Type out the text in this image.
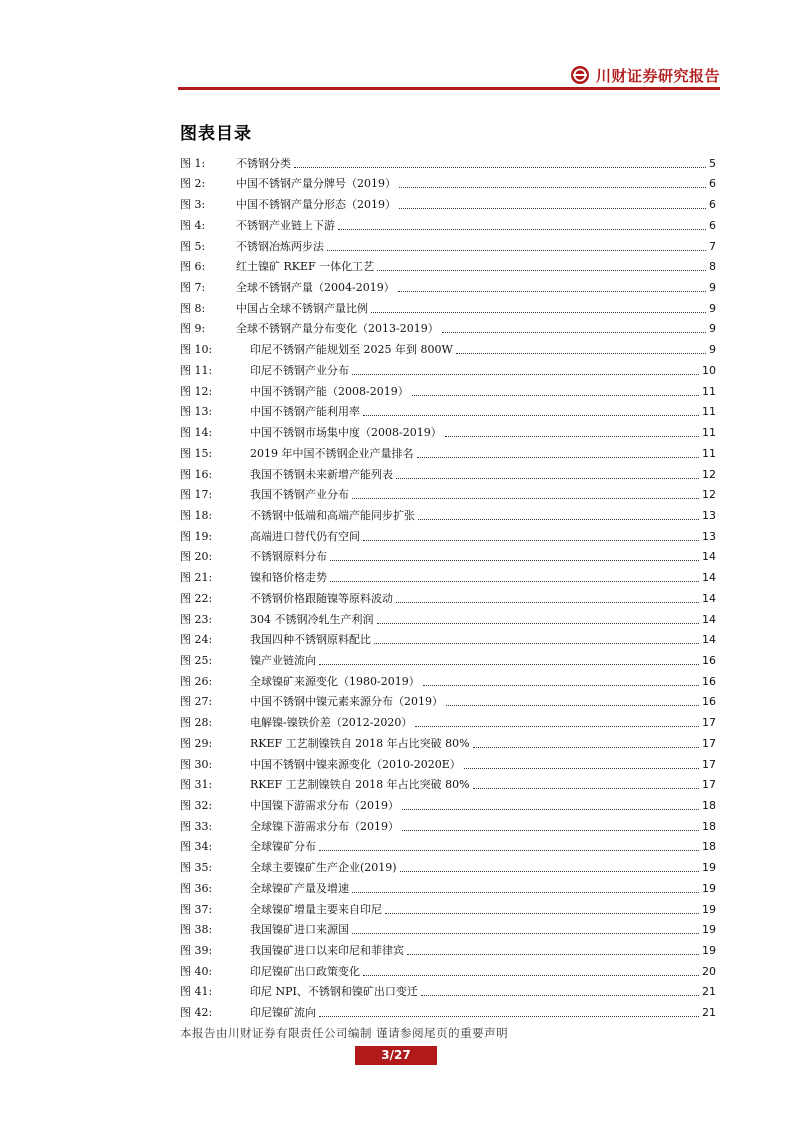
川财证券研究报告
图表目录
图 1:	不锈钢分类	5
图 2:	中国不锈钢产量分牌号（2019）	6
图 3:	中国不锈钢产量分形态（2019）	6
图 4:	不锈钢产业链上下游	6
图 5:	不锈钢冶炼两步法	7
图 6:	红土镍矿 RKEF 一体化工艺	8
图 7:	全球不锈钢产量（2004-2019）	9
图 8:	中国占全球不锈钢产量比例	9
图 9:	全球不锈钢产量分布变化（2013-2019）	9
图 10:	印尼不锈钢产能规划至 2025 年到 800W	9
图 11:	印尼不锈钢产业分布	10
图 12:	中国不锈钢产能（2008-2019）	11
图 13:	中国不锈钢产能利用率	11
图 14:	中国不锈钢市场集中度（2008-2019）	11
图 15:	2019 年中国不锈钢企业产量排名	11
图 16:	我国不锈钢未来新增产能列表	12
图 17:	我国不锈钢产业分布	12
图 18:	不锈钢中低端和高端产能同步扩张	13
图 19:	高端进口替代仍有空间	13
图 20:	不锈钢原料分布	14
图 21:	镍和铬价格走势	14
图 22:	不锈钢价格跟随镍等原料波动	14
图 23:	304 不锈钢冷轧生产利润	14
图 24:	我国四种不锈钢原料配比	14
图 25:	镍产业链流向	16
图 26:	全球镍矿来源变化（1980-2019）	16
图 27:	中国不锈钢中镍元素来源分布（2019）	16
图 28:	电解镍-镍铁价差（2012-2020）	17
图 29:	RKEF 工艺制镍铁自 2018 年占比突破 80%	17
图 30:	中国不锈钢中镍来源变化（2010-2020E）	17
图 31:	RKEF 工艺制镍铁自 2018 年占比突破 80%	17
图 32:	中国镍下游需求分布（2019）	18
图 33:	全球镍下游需求分布（2019）	18
图 34:	全球镍矿分布	18
图 35:	全球主要镍矿生产企业(2019)	19
图 36:	全球镍矿产量及增速	19
图 37:	全球镍矿增量主要来自印尼	19
图 38:	我国镍矿进口来源国	19
图 39:	我国镍矿进口以来印尼和菲律宾	19
图 40:	印尼镍矿出口政策变化	20
图 41:	印尼 NPI、不锈钢和镍矿出口变迁	21
图 42:	印尼镍矿流向	21

本报告由川财证券有限责任公司编制 谨请参阅尾页的重要声明

3/27
